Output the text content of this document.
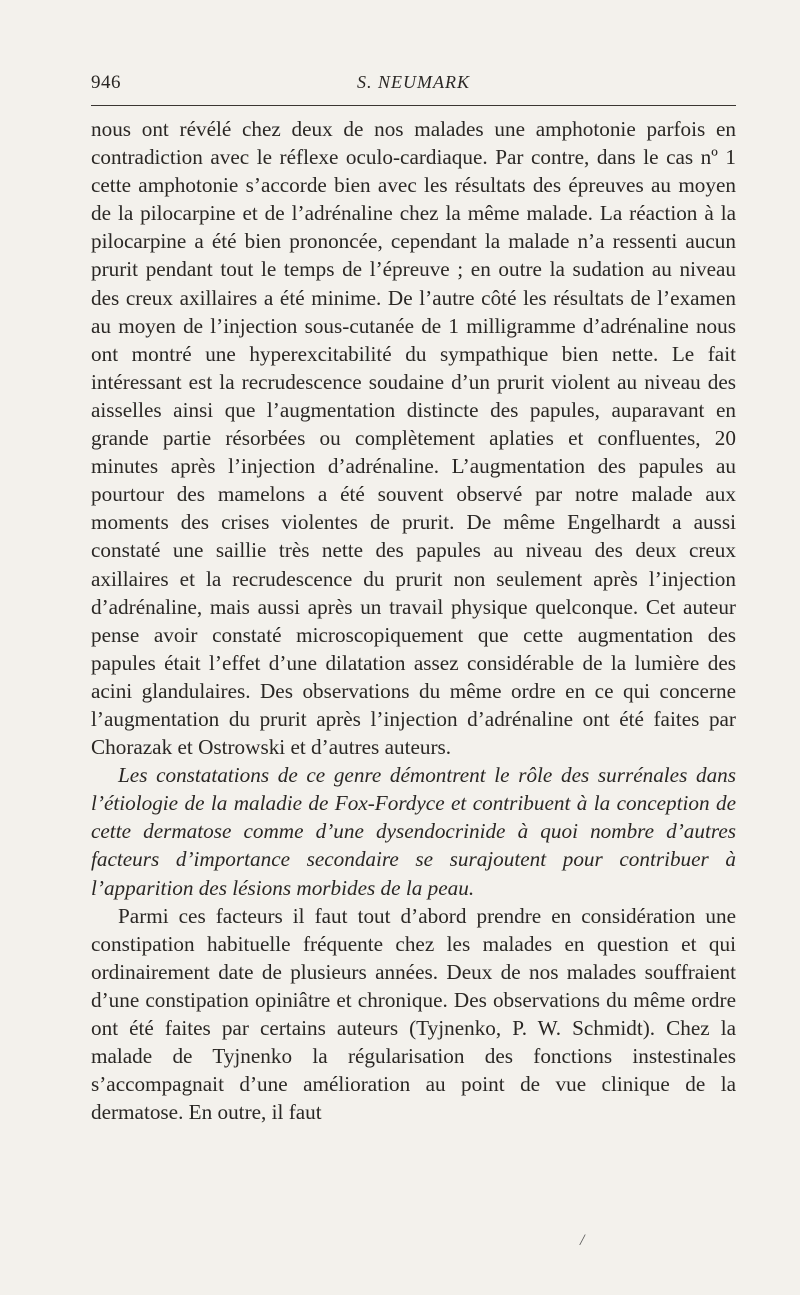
946	S. NEUMARK

nous ont révélé chez deux de nos malades une amphotonie parfois en contradiction avec le réflexe oculo-cardiaque. Par contre, dans le cas nº 1 cette amphotonie s’accorde bien avec les résultats des épreuves au moyen de la pilocarpine et de l’adrénaline chez la même malade. La réaction à la pilocarpine a été bien prononcée, cependant la malade n’a ressenti aucun prurit pendant tout le temps de l’épreuve ; en outre la sudation au niveau des creux axillaires a été minime. De l’autre côté les résultats de l’examen au moyen de l’injection sous-cutanée de 1 milligramme d’adrénaline nous ont montré une hyperexcitabilité du sympathique bien nette. Le fait intéressant est la recrudescence soudaine d’un prurit violent au niveau des aisselles ainsi que l’augmentation distincte des papules, auparavant en grande partie résorbées ou complètement aplaties et confluentes, 20 minutes après l’injection d’adrénaline. L’augmentation des papules au pourtour des mamelons a été souvent observé par notre malade aux moments des crises violentes de prurit. De même Engelhardt a aussi constaté une saillie très nette des papules au niveau des deux creux axillaires et la recrudescence du prurit non seulement après l’injection d’adrénaline, mais aussi après un travail physique quelconque. Cet auteur pense avoir constaté microscopiquement que cette augmentation des papules était l’effet d’une dilatation assez considérable de la lumière des acini glandulaires. Des observations du même ordre en ce qui concerne l’augmentation du prurit après l’injection d’adrénaline ont été faites par Chorazak et Ostrowski et d’autres auteurs.

Les constatations de ce genre démontrent le rôle des surrénales dans l’étiologie de la maladie de Fox-Fordyce et contribuent à la conception de cette dermatose comme d’une dysendocrinide à quoi nombre d’autres facteurs d’importance secondaire se surajoutent pour contribuer à l’apparition des lésions morbides de la peau.

Parmi ces facteurs il faut tout d’abord prendre en considération une constipation habituelle fréquente chez les malades en question et qui ordinairement date de plusieurs années. Deux de nos malades souffraient d’une constipation opiniâtre et chronique. Des observations du même ordre ont été faites par certains auteurs (Tyjnenko, P. W. Schmidt). Chez la malade de Tyjnenko la régularisation des fonctions instestinales s’accompagnait d’une amélioration au point de vue clinique de la dermatose. En outre, il faut

/
